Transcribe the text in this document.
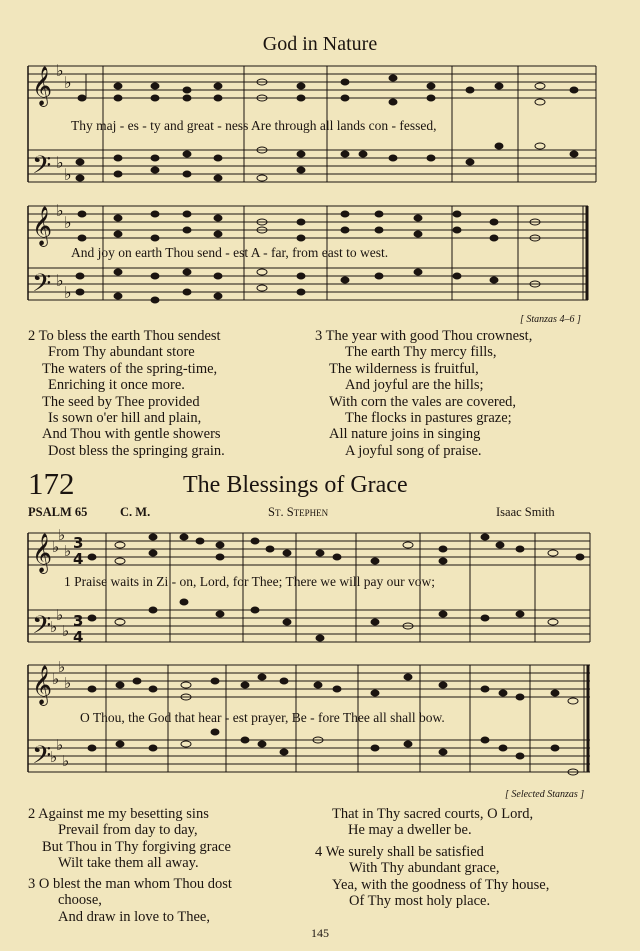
God in Nature
𝄞
𝄢
𝄞
𝄢
𝄞
𝄢
𝄞
𝄢
♭
♭
♭
♭
♭
♭
♭
♭
♭
♭
♭
♭
♭
♭
♭
♭
♭
♭
♭
♭
3
4
3
4
Thy maj - es - ty and great - ness Are through all lands con - fessed,
And joy on earth Thou send - est A - far, from east to west.
[ Stanzas 4–6 ]
2 To bless the earth Thou sendest
From Thy abundant store
The waters of the spring-time,
Enriching it once more.
The seed by Thee provided
Is sown o'er hill and plain,
And Thou with gentle showers
Dost bless the springing grain.
3 The year with good Thou crownest,
The earth Thy mercy fills,
The wilderness is fruitful,
And joyful are the hills;
With corn the vales are covered,
The flocks in pastures graze;
All nature joins in singing
A joyful song of praise.
172	The Blessings of Grace
PSALM 65	C. M.	St. Stephen	Isaac Smith
1 Praise waits in Zi - on, Lord, for Thee; There we will pay our vow;
O Thou, the God that hear - est prayer, Be - fore Thee all shall bow.
[ Selected Stanzas ]
2 Against me my besetting sins
Prevail from day to day,
But Thou in Thy forgiving grace
Wilt take them all away.
3 O blest the man whom Thou dost
choose,
And draw in love to Thee,
That in Thy sacred courts, O Lord,
He may a dweller be.
4 We surely shall be satisfied
With Thy abundant grace,
Yea, with the goodness of Thy house,
Of Thy most holy place.
145
